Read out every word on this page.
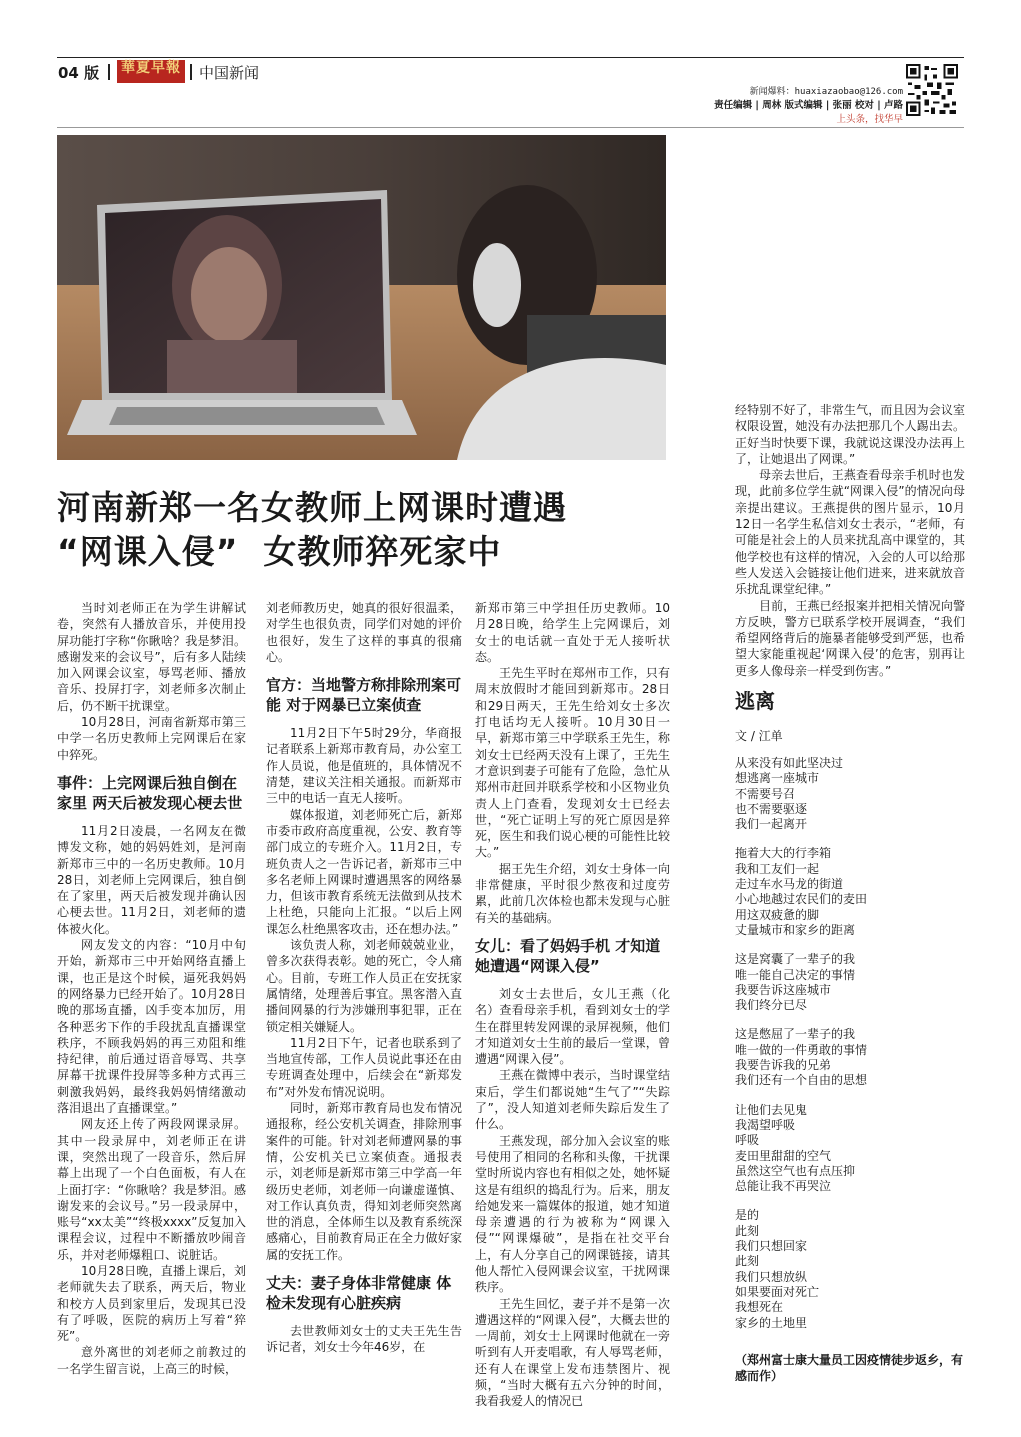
04 版 華夏早報
CHINA HEROSS ENTERPRISE	中国新闻
新闻爆料：huaxiazaobao@126.com
责任编辑 | 周林 版式编辑 | 张丽 校对 | 卢路
上头条，找华早
河南新郑一名女教师上网课时遭遇
“网课入侵”  女教师猝死家中

当时刘老师正在为学生讲解试卷，突然有人播放音乐，并使用投屏功能打字称“你瞅啥？我是梦泪。感谢发来的会议号”，后有多人陆续加入网课会议室，辱骂老师、播放音乐、投屏打字，刘老师多次制止后，仍不断干扰课堂。

10月28日，河南省新郑市第三中学一名历史教师上完网课后在家中猝死。

事件：上完网课后独自倒在家里 两天后被发现心梗去世

11月2日凌晨，一名网友在微博发文称，她的妈妈姓刘，是河南新郑市三中的一名历史教师。10月28日，刘老师上完网课后，独自倒在了家里，两天后被发现并确认因心梗去世。11月2日，刘老师的遗体被火化。

网友发文的内容：“10月中旬开始，新郑市三中开始网络直播上课，也正是这个时候，逼死我妈妈的网络暴力已经开始了。10月28日晚的那场直播，凶手变本加厉，用各种恶劣下作的手段扰乱直播课堂秩序，不顾我妈妈的再三劝阻和维持纪律，前后通过语音辱骂、共享屏幕干扰课件投屏等多种方式再三刺激我妈妈，最终我妈妈情绪激动落泪退出了直播课堂。”

网友还上传了两段网课录屏。其中一段录屏中，刘老师正在讲课，突然出现了一段音乐，然后屏幕上出现了一个白色面板，有人在上面打字：“你瞅啥？我是梦泪。感谢发来的会议号。”另一段录屏中，账号“xx太美”“终极xxxx”反复加入课程会议，过程中不断播放吵闹音乐，并对老师爆粗口、说脏话。

10月28日晚，直播上课后，刘老师就失去了联系，两天后，物业和校方人员到家里后，发现其已没有了呼吸，医院的病历上写着“猝死”。

意外离世的刘老师之前教过的一名学生留言说，上高三的时候，

刘老师教历史，她真的很好很温柔，对学生也很负责，同学们对她的评价也很好，发生了这样的事真的很痛心。

官方：当地警方称排除刑案可能 对于网暴已立案侦查

11月2日下午5时29分，华商报记者联系上新郑市教育局，办公室工作人员说，他是值班的，具体情况不清楚，建议关注相关通报。而新郑市三中的电话一直无人接听。

媒体报道，刘老师死亡后，新郑市委市政府高度重视，公安、教育等部门成立的专班介入。11月2日，专班负责人之一告诉记者，新郑市三中多名老师上网课时遭遇黑客的网络暴力，但该市教育系统无法做到从技术上杜绝，只能向上汇报。“以后上网课怎么杜绝黑客攻击，还在想办法。”

该负责人称，刘老师兢兢业业，曾多次获得表彰。她的死亡，令人痛心。目前，专班工作人员正在安抚家属情绪，处理善后事宜。黑客潜入直播间网暴的行为涉嫌刑事犯罪，正在锁定相关嫌疑人。

11月2日下午，记者也联系到了当地宣传部，工作人员说此事还在由专班调查处理中，后续会在“新郑发布”对外发布情况说明。

同时，新郑市教育局也发布情况通报称，经公安机关调查，排除刑事案件的可能。针对刘老师遭网暴的事情，公安机关已立案侦查。通报表示，刘老师是新郑市第三中学高一年级历史老师，刘老师一向谦虚谨慎、对工作认真负责，得知刘老师突然离世的消息，全体师生以及教育系统深感痛心，目前教育局正在全力做好家属的安抚工作。

丈夫：妻子身体非常健康 体检未发现有心脏疾病

去世教师刘女士的丈夫王先生告诉记者，刘女士今年46岁，在

新郑市第三中学担任历史教师。10月28日晚，给学生上完网课后，刘女士的电话就一直处于无人接听状态。

王先生平时在郑州市工作，只有周末放假时才能回到新郑市。28日和29日两天，王先生给刘女士多次打电话均无人接听。10月30日一早，新郑市第三中学联系王先生，称刘女士已经两天没有上课了，王先生才意识到妻子可能有了危险，急忙从郑州市赶回并联系学校和小区物业负责人上门查看，发现刘女士已经去世，“死亡证明上写的死亡原因是猝死，医生和我们说心梗的可能性比较大。”

据王先生介绍，刘女士身体一向非常健康，平时很少熬夜和过度劳累，此前几次体检也都未发现与心脏有关的基础病。

女儿：看了妈妈手机 才知道她遭遇“网课入侵”

刘女士去世后，女儿王燕（化名）查看母亲手机，看到刘女士的学生在群里转发网课的录屏视频，他们才知道刘女士生前的最后一堂课，曾遭遇“网课入侵”。

王燕在微博中表示，当时课堂结束后，学生们都说她“生气了”“失踪了”，没人知道刘老师失踪后发生了什么。

王燕发现，部分加入会议室的账号使用了相同的名称和头像，干扰课堂时所说内容也有相似之处，她怀疑这是有组织的捣乱行为。后来，朋友给她发来一篇媒体的报道，她才知道母亲遭遇的行为被称为“网课入侵”“网课爆破”，是指在社交平台上，有人分享自己的网课链接，请其他人帮忙入侵网课会议室，干扰网课秩序。

王先生回忆，妻子并不是第一次遭遇这样的“网课入侵”，大概去世的一周前，刘女士上网课时他就在一旁听到有人开麦唱歌，有人辱骂老师，还有人在课堂上发布违禁图片、视频，“当时大概有五六分钟的时间，我看我爱人的情况已

经特别不好了，非常生气，而且因为会议室权限设置，她没有办法把那几个人踢出去。正好当时快要下课，我就说这课没办法再上了，让她退出了网课。”

母亲去世后，王燕查看母亲手机时也发现，此前多位学生就“网课入侵”的情况向母亲提出建议。王燕提供的图片显示，10月12日一名学生私信刘女士表示，“老师，有可能是社会上的人员来扰乱高中课堂的，其他学校也有这样的情况，入会的人可以给那些人发送入会链接让他们进来，进来就放音乐扰乱课堂纪律。”

目前，王燕已经报案并把相关情况向警方反映，警方已联系学校开展调查，“我们希望网络背后的施暴者能够受到严惩，也希望大家能重视起‘网课入侵’的危害，别再让更多人像母亲一样受到伤害。”

逃离
文 / 江单
从来没有如此坚决过
想逃离一座城市
不需要号召
也不需要驱逐
我们一起离开
拖着大大的行李箱
我和工友们一起
走过车水马龙的街道
小心地越过农民们的麦田
用这双疲惫的脚
丈量城市和家乡的距离
这是窝囊了一辈子的我
唯一能自己决定的事情
我要告诉这座城市
我们终分已尽
这是憋屈了一辈子的我
唯一做的一件勇敢的事情
我要告诉我的兄弟
我们还有一个自由的思想
让他们去见鬼
我渴望呼吸
呼吸
麦田里甜甜的空气
虽然这空气也有点压抑
总能让我不再哭泣
是的
此刻
我们只想回家
此刻
我们只想放纵
如果要面对死亡
我想死在
家乡的土地里
（郑州富士康大量员工因疫情徒步返乡，有感而作）
